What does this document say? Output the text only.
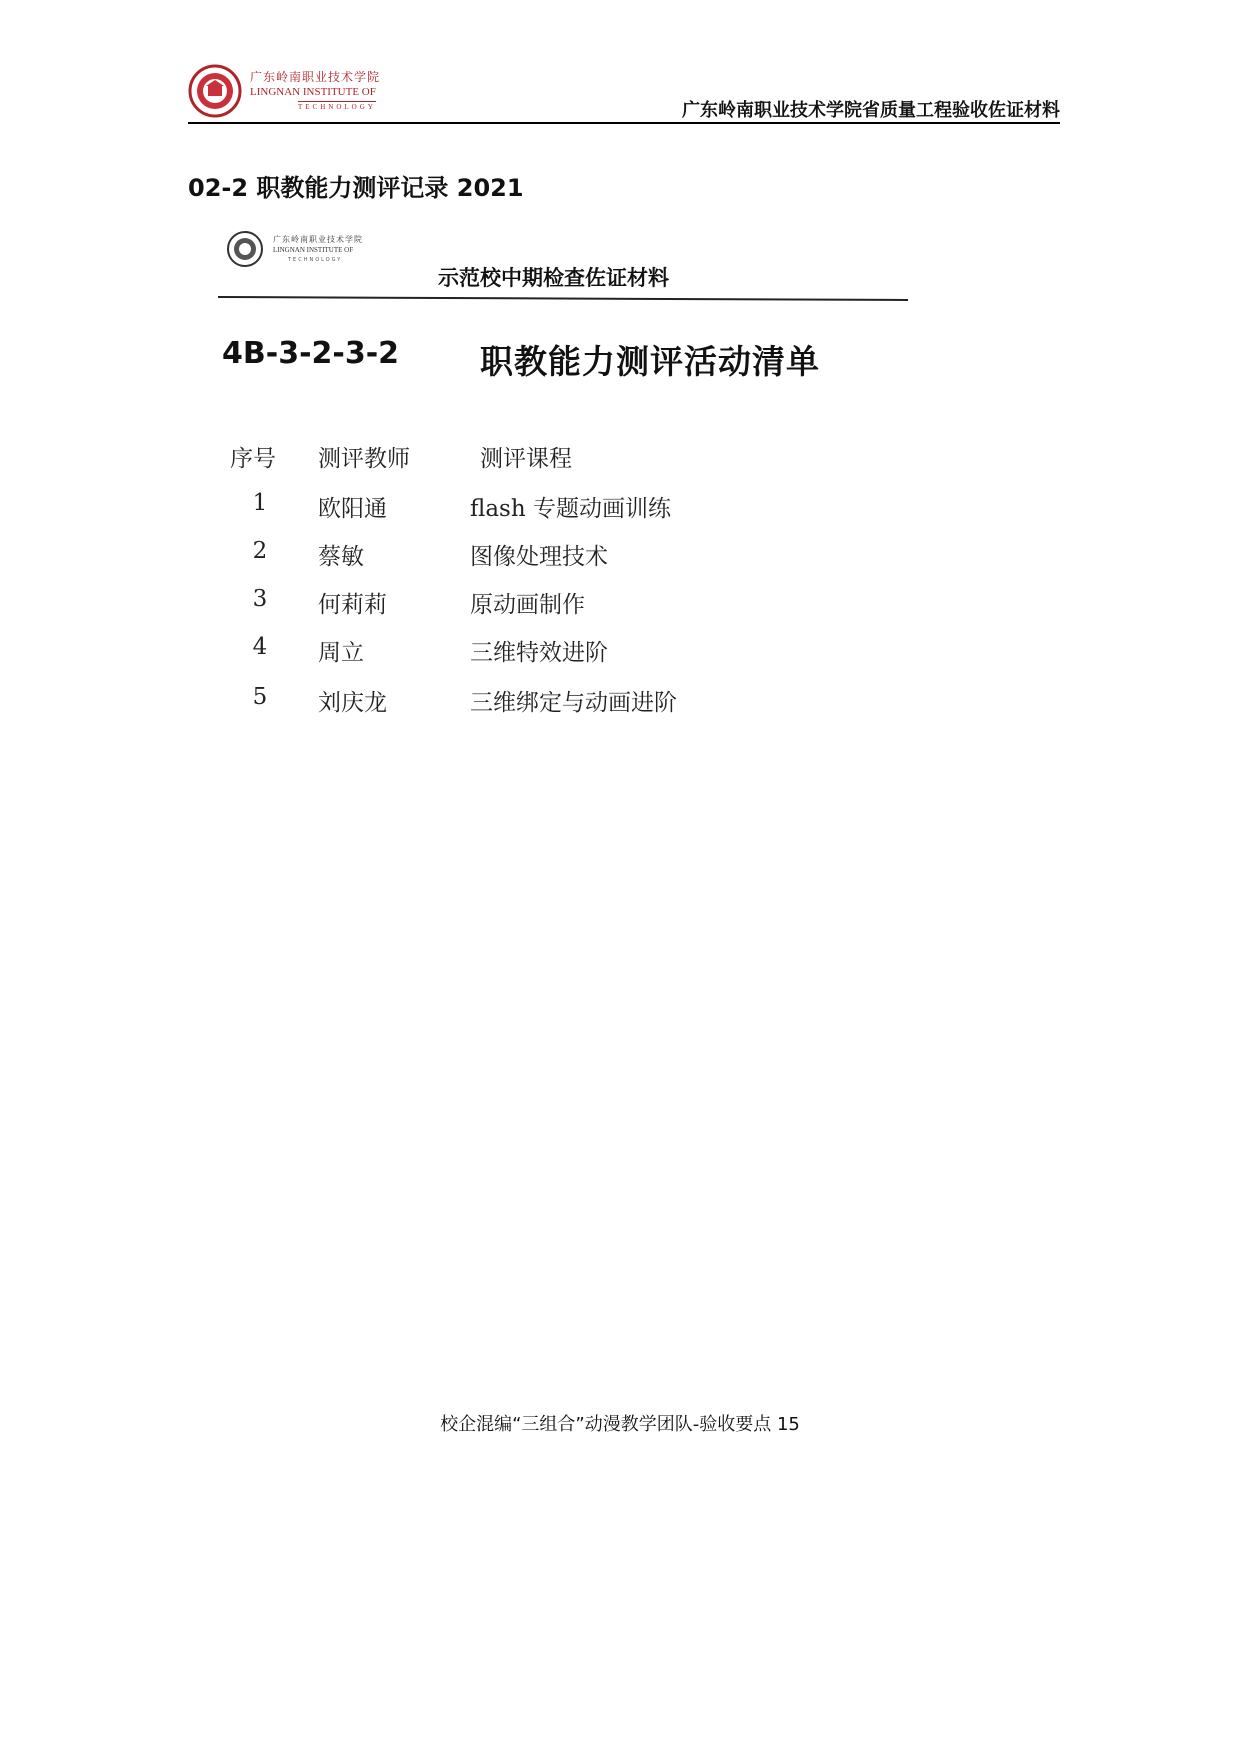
广东岭南职业技术学院
LINGNAN INSTITUTE OF
TECHNOLOGY	广东岭南职业技术学院省质量工程验收佐证材料
02-2 职教能力测评记录 2021
广东岭南职业技术学院
LINGNAN INSTITUTE OF
TECHNOLOGY
示范校中期检查佐证材料
4B-3-2-3-2 职教能力测评活动清单
序号	测评教师	测评课程
1	欧阳通	flash 专题动画训练
2	蔡敏	图像处理技术
3	何莉莉	原动画制作
4	周立	三维特效进阶
5	刘庆龙	三维绑定与动画进阶
校企混编“三组合”动漫教学团队-验收要点 15
